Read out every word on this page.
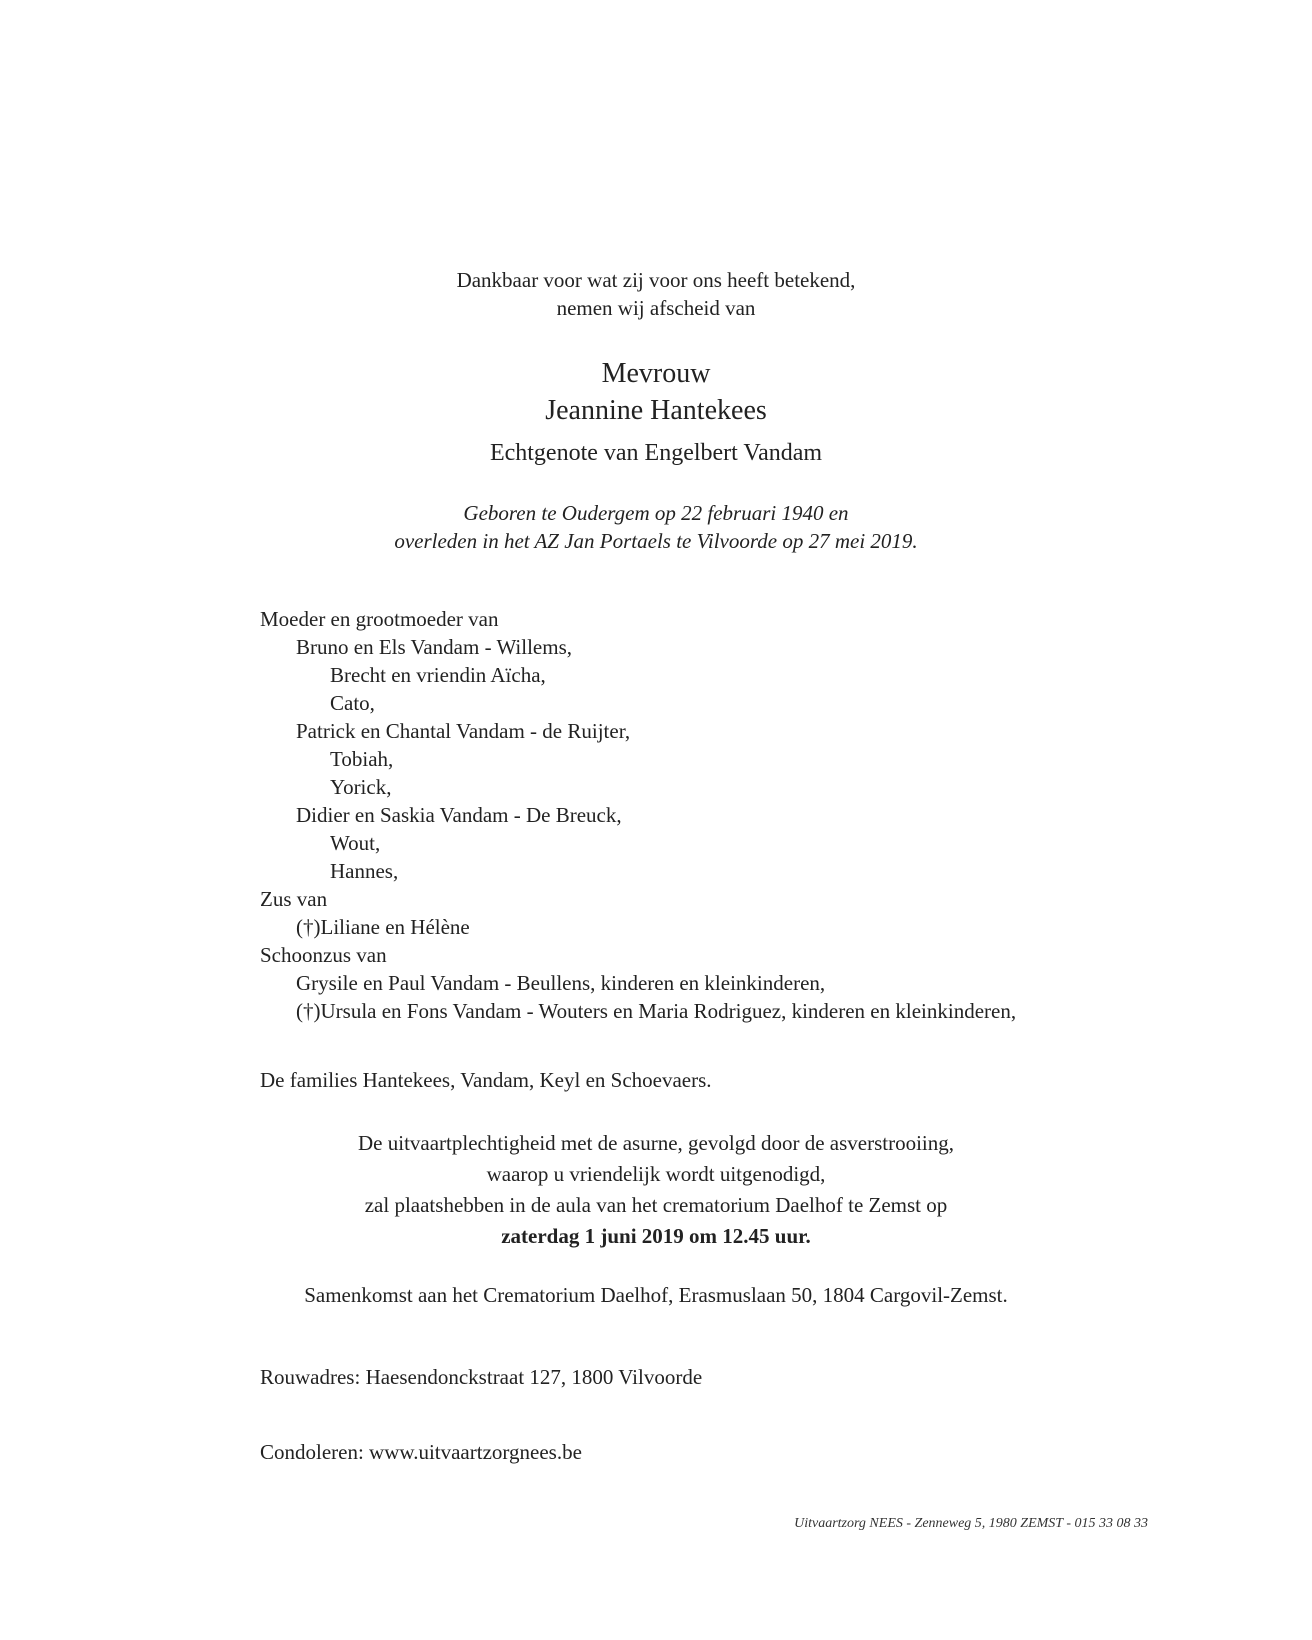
Dankbaar voor wat zij voor ons heeft betekend,
nemen wij afscheid van
Mevrouw
Jeannine Hantekees
Echtgenote van Engelbert Vandam
Geboren te Oudergem op 22 februari 1940 en
overleden in het AZ Jan Portaels te Vilvoorde op 27 mei 2019.
Moeder en grootmoeder van
Bruno en Els Vandam - Willems,
Brecht en vriendin Aïcha,
Cato,
Patrick en Chantal Vandam - de Ruijter,
Tobiah,
Yorick,
Didier en Saskia Vandam - De Breuck,
Wout,
Hannes,
Zus van
(†)Liliane en Hélène
Schoonzus van
Grysile en Paul Vandam - Beullens, kinderen en kleinkinderen,
(†)Ursula en Fons Vandam - Wouters en Maria Rodriguez, kinderen en kleinkinderen,
De families Hantekees, Vandam, Keyl en Schoevaers.
De uitvaartplechtigheid met de asurne, gevolgd door de asverstrooiing,
waarop u vriendelijk wordt uitgenodigd,
zal plaatshebben in de aula van het crematorium Daelhof te Zemst op
zaterdag 1 juni 2019 om 12.45 uur.
Samenkomst aan het Crematorium Daelhof, Erasmuslaan 50, 1804 Cargovil-Zemst.
Rouwadres: Haesendonckstraat 127, 1800 Vilvoorde
Condoleren: www.uitvaartzorgnees.be
Uitvaartzorg NEES - Zenneweg 5, 1980 ZEMST - 015 33 08 33
